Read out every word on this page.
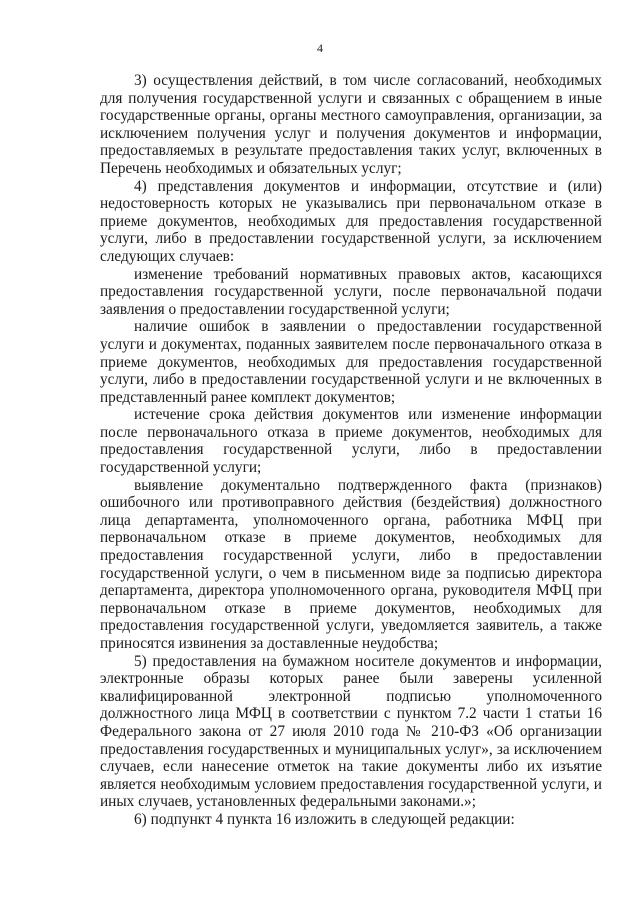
4

3) осуществления действий, в том числе согласований, необходимых для получения государственной услуги и связанных с обращением в иные государственные органы, органы местного самоуправления, организации, за исключением получения услуг и получения документов и информации, предоставляемых в результате предоставления таких услуг, включенных в Перечень необходимых и обязательных услуг;

4) представления документов и информации, отсутствие и (или) недостоверность которых не указывались при первоначальном отказе в приеме документов, необходимых для предоставления государственной услуги, либо в предоставлении государственной услуги, за исключением следующих случаев:

изменение требований нормативных правовых актов, касающихся предоставления государственной услуги, после первоначальной подачи заявления о предоставлении государственной услуги;

наличие ошибок в заявлении о предоставлении государственной услуги и документах, поданных заявителем после первоначального отказа в приеме документов, необходимых для предоставления государственной услуги, либо в предоставлении государственной услуги и не включенных в представленный ранее комплект документов;

истечение срока действия документов или изменение информации после первоначального отказа в приеме документов, необходимых для предоставления государственной услуги, либо в предоставлении государственной услуги;

выявление документально подтвержденного факта (признаков) ошибочного или противоправного действия (бездействия) должностного лица департамента, уполномоченного органа, работника МФЦ при первоначальном отказе в приеме документов, необходимых для предоставления государственной услуги, либо в предоставлении государственной услуги, о чем в письменном виде за подписью директора департамента, директора уполномоченного органа, руководителя МФЦ при первоначальном отказе в приеме документов, необходимых для предоставления государственной услуги, уведомляется заявитель, а также приносятся извинения за доставленные неудобства;

5) предоставления на бумажном носителе документов и информации, электронные образы которых ранее были заверены усиленной квалифицированной электронной подписью уполномоченного должностного лица МФЦ в соответствии с пунктом 7.2 части 1 статьи 16 Федерального закона от 27 июля 2010 года № 210-ФЗ «Об организации предоставления государственных и муниципальных услуг», за исключением случаев, если нанесение отметок на такие документы либо их изъятие является необходимым условием предоставления государственной услуги, и иных случаев, установленных федеральными законами.»;

6) подпункт 4 пункта 16 изложить в следующей редакции:
